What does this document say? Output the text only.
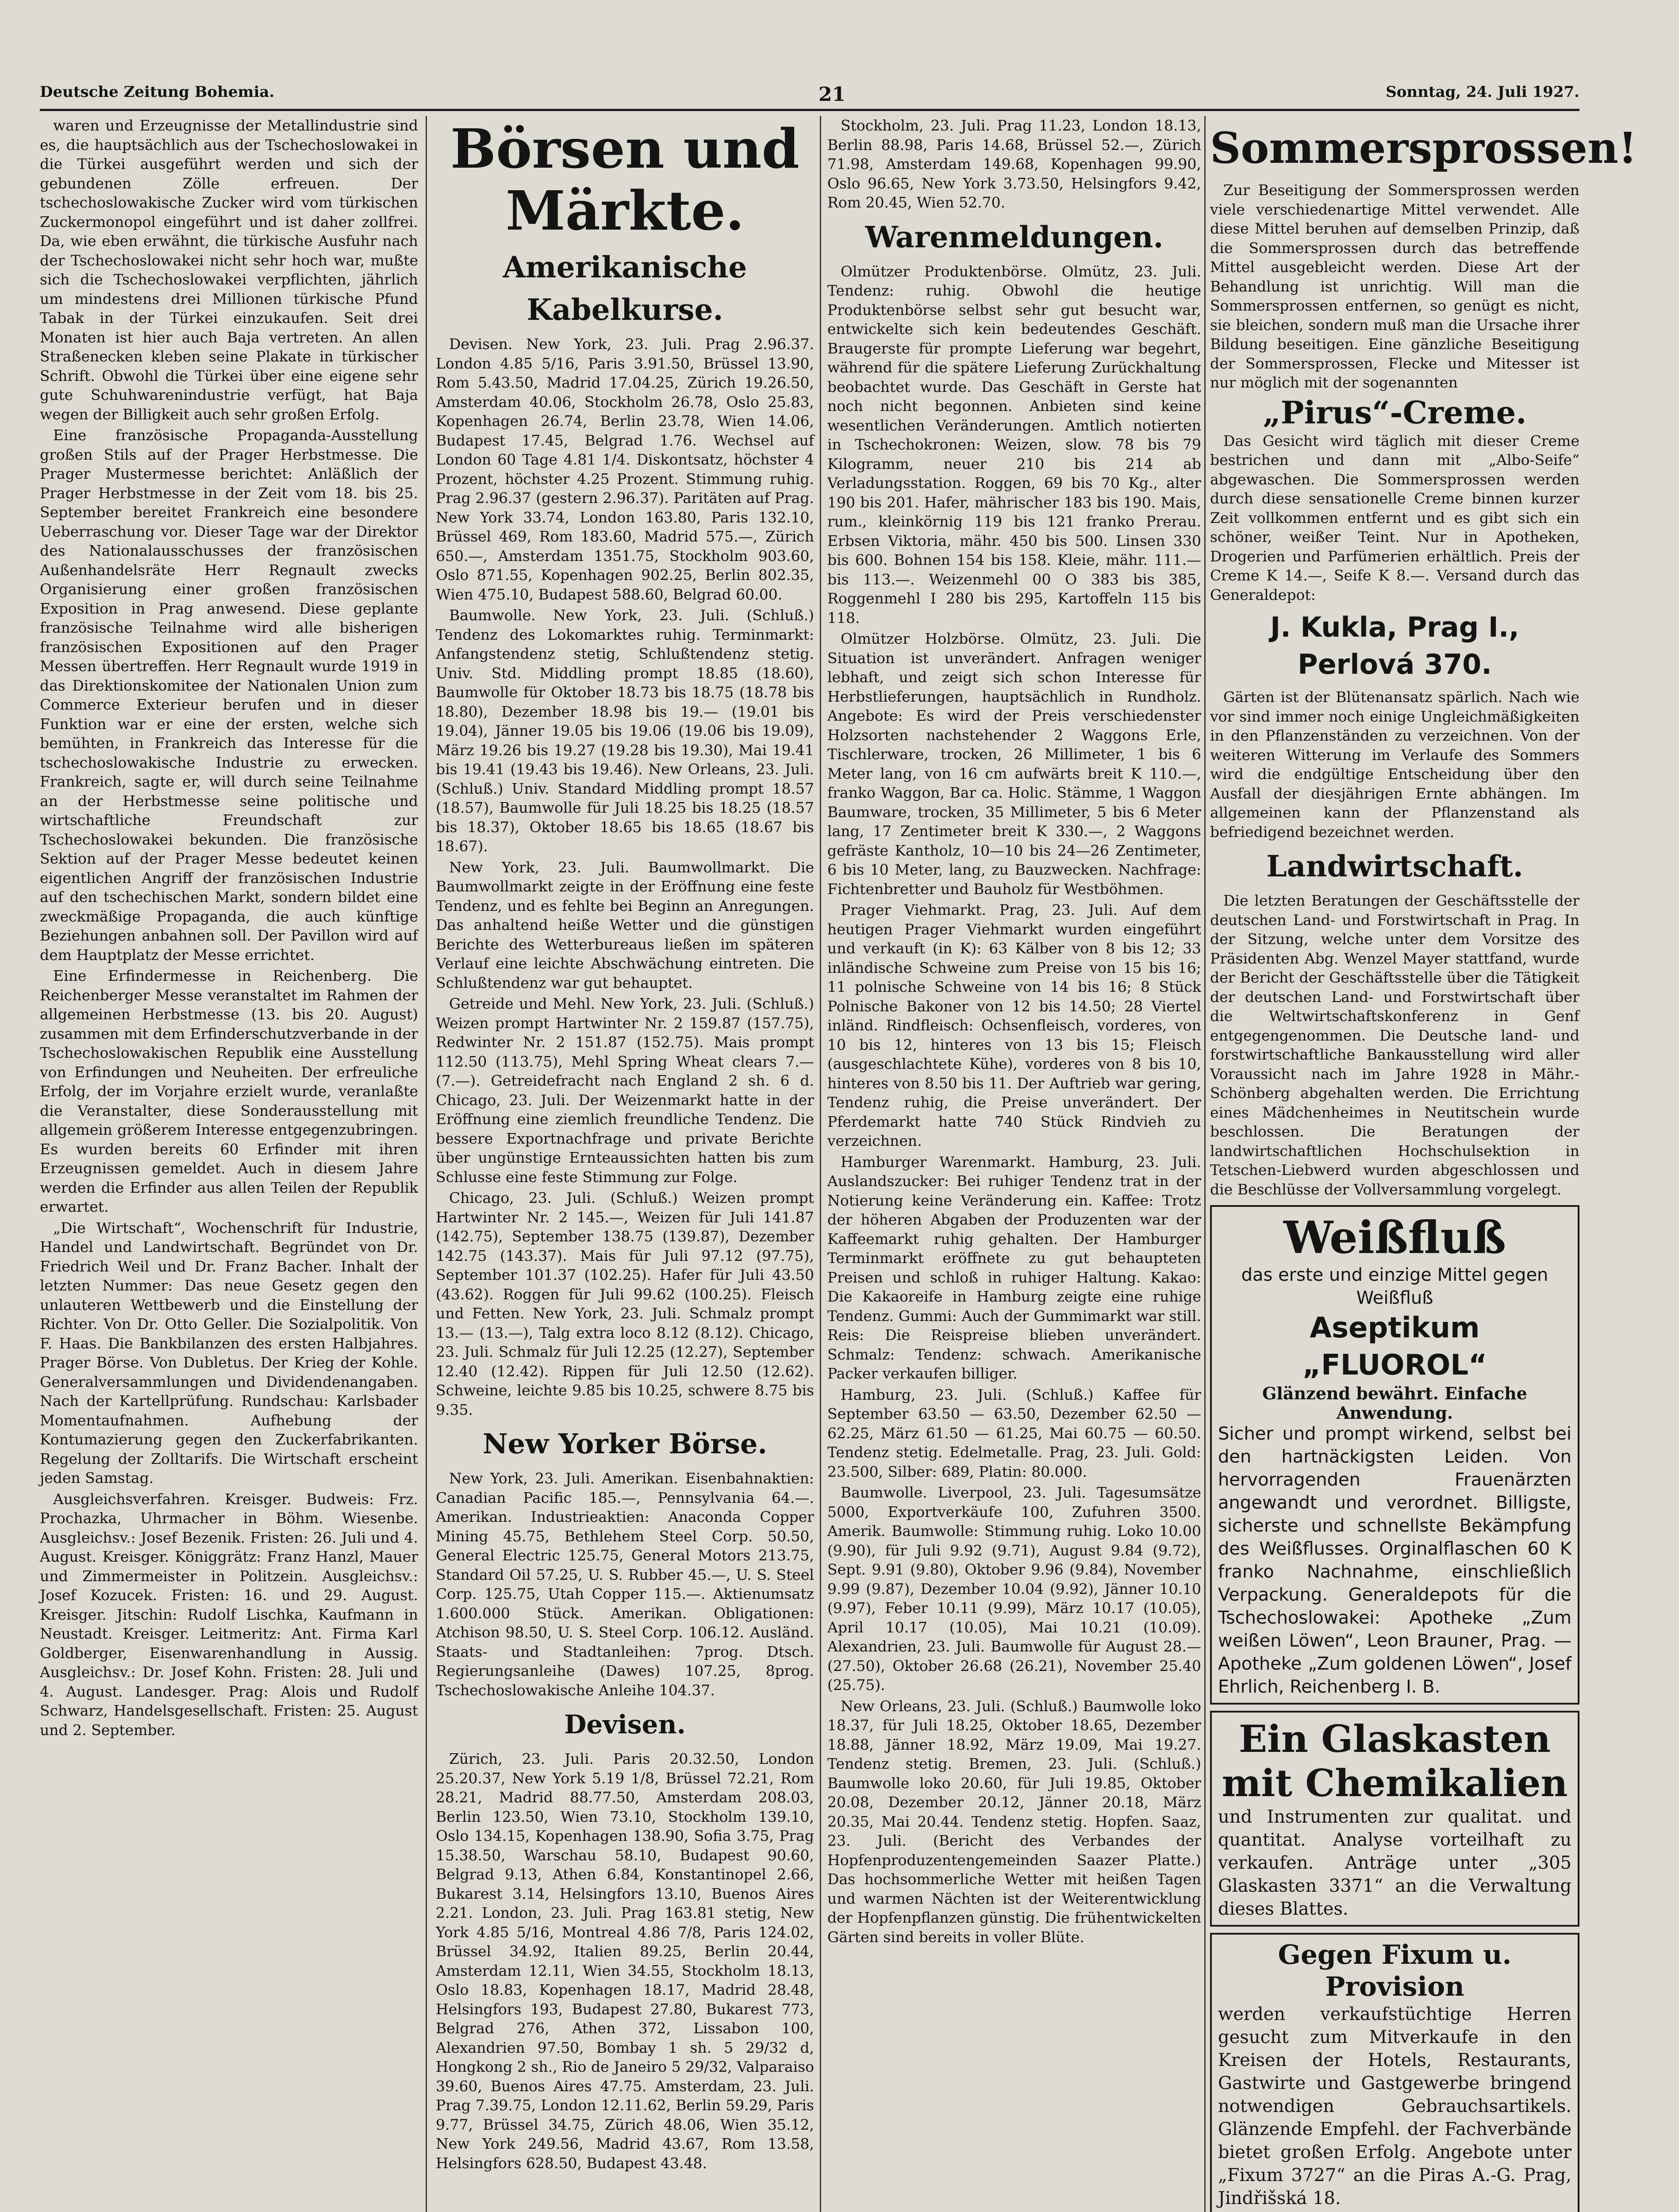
Deutsche Zeitung Bohemia.	21	Sonntag, 24. Juli 1927.

waren und Erzeugnisse der Metallindustrie sind es, die hauptsächlich aus der Tschechoslowakei in die Türkei ausgeführt werden und sich der gebundenen Zölle erfreuen. Der tschechoslowakische Zucker wird vom türkischen Zuckermonopol eingeführt und ist daher zollfrei. Da, wie eben erwähnt, die türkische Ausfuhr nach der Tschechoslowakei nicht sehr hoch war, mußte sich die Tschechoslowakei verpflichten, jährlich um mindestens drei Millionen türkische Pfund Tabak in der Türkei einzukaufen. Seit drei Monaten ist hier auch Baja vertreten. An allen Straßenecken kleben seine Plakate in türkischer Schrift. Obwohl die Türkei über eine eigene sehr gute Schuhwarenindustrie verfügt, hat Baja wegen der Billigkeit auch sehr großen Erfolg.

Eine französische Propaganda-Ausstellung großen Stils auf der Prager Herbstmesse. Die Prager Mustermesse berichtet: Anläßlich der Prager Herbstmesse in der Zeit vom 18. bis 25. September bereitet Frankreich eine besondere Ueberraschung vor. Dieser Tage war der Direktor des Nationalausschusses der französischen Außenhandelsräte Herr Regnault zwecks Organisierung einer großen französischen Exposition in Prag anwesend. Diese geplante französische Teilnahme wird alle bisherigen französischen Expositionen auf den Prager Messen übertreffen. Herr Regnault wurde 1919 in das Direktionskomitee der Nationalen Union zum Commerce Exterieur berufen und in dieser Funktion war er eine der ersten, welche sich bemühten, in Frankreich das Interesse für die tschechoslowakische Industrie zu erwecken. Frankreich, sagte er, will durch seine Teilnahme an der Herbstmesse seine politische und wirtschaftliche Freundschaft zur Tschechoslowakei bekunden. Die französische Sektion auf der Prager Messe bedeutet keinen eigentlichen Angriff der französischen Industrie auf den tschechischen Markt, sondern bildet eine zweckmäßige Propaganda, die auch künftige Beziehungen anbahnen soll. Der Pavillon wird auf dem Hauptplatz der Messe errichtet.

Eine Erfindermesse in Reichenberg. Die Reichenberger Messe veranstaltet im Rahmen der allgemeinen Herbstmesse (13. bis 20. August) zusammen mit dem Erfinderschutzverbande in der Tschechoslowakischen Republik eine Ausstellung von Erfindungen und Neuheiten. Der erfreuliche Erfolg, der im Vorjahre erzielt wurde, veranlaßte die Veranstalter, diese Sonderausstellung mit allgemein größerem Interesse entgegenzubringen. Es wurden bereits 60 Erfinder mit ihren Erzeugnissen gemeldet. Auch in diesem Jahre werden die Erfinder aus allen Teilen der Republik erwartet.

„Die Wirtschaft“, Wochenschrift für Industrie, Handel und Landwirtschaft. Begründet von Dr. Friedrich Weil und Dr. Franz Bacher. Inhalt der letzten Nummer: Das neue Gesetz gegen den unlauteren Wettbewerb und die Einstellung der Richter. Von Dr. Otto Geller. Die Sozialpolitik. Von F. Haas. Die Bankbilanzen des ersten Halbjahres. Prager Börse. Von Dubletus. Der Krieg der Kohle. Generalversammlungen und Dividendenangaben. Nach der Kartellprüfung. Rundschau: Karlsbader Momentaufnahmen. Aufhebung der Kontumazierung gegen den Zuckerfabrikanten. Regelung der Zolltarifs. Die Wirtschaft erscheint jeden Samstag.

Ausgleichsverfahren. Kreisger. Budweis: Frz. Prochazka, Uhrmacher in Böhm. Wiesenbe. Ausgleichsv.: Josef Bezenik. Fristen: 26. Juli und 4. August. Kreisger. Königgrätz: Franz Hanzl, Mauer und Zimmermeister in Politzein. Ausgleichsv.: Josef Kozucek. Fristen: 16. und 29. August. Kreisger. Jitschin: Rudolf Lischka, Kaufmann in Neustadt. Kreisger. Leitmeritz: Ant. Firma Karl Goldberger, Eisenwarenhandlung in Aussig. Ausgleichsv.: Dr. Josef Kohn. Fristen: 28. Juli und 4. August. Landesger. Prag: Alois und Rudolf Schwarz, Handelsgesellschaft. Fristen: 25. August und 2. September.

Börsen und Märkte.
Amerikanische Kabelkurse.

Devisen. New York, 23. Juli. Prag 2.96.37. London 4.85 5/16, Paris 3.91.50, Brüssel 13.90, Rom 5.43.50, Madrid 17.04.25, Zürich 19.26.50, Amsterdam 40.06, Stockholm 26.78, Oslo 25.83, Kopenhagen 26.74, Berlin 23.78, Wien 14.06, Budapest 17.45, Belgrad 1.76. Wechsel auf London 60 Tage 4.81 1/4. Diskontsatz, höchster 4 Prozent, höchster 4.25 Prozent. Stimmung ruhig. Prag 2.96.37 (gestern 2.96.37). Paritäten auf Prag. New York 33.74, London 163.80, Paris 132.10, Brüssel 469, Rom 183.60, Madrid 575.—, Zürich 650.—, Amsterdam 1351.75, Stockholm 903.60, Oslo 871.55, Kopenhagen 902.25, Berlin 802.35, Wien 475.10, Budapest 588.60, Belgrad 60.00.

Baumwolle. New York, 23. Juli. (Schluß.) Tendenz des Lokomarktes ruhig. Terminmarkt: Anfangstendenz stetig, Schlußtendenz stetig. Univ. Std. Middling prompt 18.85 (18.60), Baumwolle für Oktober 18.73 bis 18.75 (18.78 bis 18.80), Dezember 18.98 bis 19.— (19.01 bis 19.04), Jänner 19.05 bis 19.06 (19.06 bis 19.09), März 19.26 bis 19.27 (19.28 bis 19.30), Mai 19.41 bis 19.41 (19.43 bis 19.46). New Orleans, 23. Juli. (Schluß.) Univ. Standard Middling prompt 18.57 (18.57), Baumwolle für Juli 18.25 bis 18.25 (18.57 bis 18.37), Oktober 18.65 bis 18.65 (18.67 bis 18.67).

New York, 23. Juli. Baumwollmarkt. Die Baumwollmarkt zeigte in der Eröffnung eine feste Tendenz, und es fehlte bei Beginn an Anregungen. Das anhaltend heiße Wetter und die günstigen Berichte des Wetterbureaus ließen im späteren Verlauf eine leichte Abschwächung eintreten. Die Schlußtendenz war gut behauptet.

Getreide und Mehl. New York, 23. Juli. (Schluß.) Weizen prompt Hartwinter Nr. 2 159.87 (157.75), Redwinter Nr. 2 151.87 (152.75). Mais prompt 112.50 (113.75), Mehl Spring Wheat clears 7.— (7.—). Getreidefracht nach England 2 sh. 6 d. Chicago, 23. Juli. Der Weizenmarkt hatte in der Eröffnung eine ziemlich freundliche Tendenz. Die bessere Exportnachfrage und private Berichte über ungünstige Ernteaussichten hatten bis zum Schlusse eine feste Stimmung zur Folge.

Chicago, 23. Juli. (Schluß.) Weizen prompt Hartwinter Nr. 2 145.—, Weizen für Juli 141.87 (142.75), September 138.75 (139.87), Dezember 142.75 (143.37). Mais für Juli 97.12 (97.75), September 101.37 (102.25). Hafer für Juli 43.50 (43.62). Roggen für Juli 99.62 (100.25). Fleisch und Fetten. New York, 23. Juli. Schmalz prompt 13.— (13.—), Talg extra loco 8.12 (8.12). Chicago, 23. Juli. Schmalz für Juli 12.25 (12.27), September 12.40 (12.42). Rippen für Juli 12.50 (12.62). Schweine, leichte 9.85 bis 10.25, schwere 8.75 bis 9.35.

New Yorker Börse.

New York, 23. Juli. Amerikan. Eisenbahnaktien: Canadian Pacific 185.—, Pennsylvania 64.—. Amerikan. Industrieaktien: Anaconda Copper Mining 45.75, Bethlehem Steel Corp. 50.50, General Electric 125.75, General Motors 213.75, Standard Oil 57.25, U. S. Rubber 45.—, U. S. Steel Corp. 125.75, Utah Copper 115.—. Aktienumsatz 1.600.000 Stück. Amerikan. Obligationen: Atchison 98.50, U. S. Steel Corp. 106.12. Ausländ. Staats- und Stadtanleihen: 7prog. Dtsch. Regierungsanleihe (Dawes) 107.25, 8prog. Tschechoslowakische Anleihe 104.37.

Devisen.

Zürich, 23. Juli. Paris 20.32.50, London 25.20.37, New York 5.19 1/8, Brüssel 72.21, Rom 28.21, Madrid 88.77.50, Amsterdam 208.03, Berlin 123.50, Wien 73.10, Stockholm 139.10, Oslo 134.15, Kopenhagen 138.90, Sofia 3.75, Prag 15.38.50, Warschau 58.10, Budapest 90.60, Belgrad 9.13, Athen 6.84, Konstantinopel 2.66, Bukarest 3.14, Helsingfors 13.10, Buenos Aires 2.21. London, 23. Juli. Prag 163.81 stetig, New York 4.85 5/16, Montreal 4.86 7/8, Paris 124.02, Brüssel 34.92, Italien 89.25, Berlin 20.44, Amsterdam 12.11, Wien 34.55, Stockholm 18.13, Oslo 18.83, Kopenhagen 18.17, Madrid 28.48, Helsingfors 193, Budapest 27.80, Bukarest 773, Belgrad 276, Athen 372, Lissabon 100, Alexandrien 97.50, Bombay 1 sh. 5 29/32 d, Hongkong 2 sh., Rio de Janeiro 5 29/32, Valparaiso 39.60, Buenos Aires 47.75. Amsterdam, 23. Juli. Prag 7.39.75, London 12.11.62, Berlin 59.29, Paris 9.77, Brüssel 34.75, Zürich 48.06, Wien 35.12, New York 249.56, Madrid 43.67, Rom 13.58, Helsingfors 628.50, Budapest 43.48.

Stockholm, 23. Juli. Prag 11.23, London 18.13, Berlin 88.98, Paris 14.68, Brüssel 52.—, Zürich 71.98, Amsterdam 149.68, Kopenhagen 99.90, Oslo 96.65, New York 3.73.50, Helsingfors 9.42, Rom 20.45, Wien 52.70.

Warenmeldungen.

Olmützer Produktenbörse. Olmütz, 23. Juli. Tendenz: ruhig. Obwohl die heutige Produktenbörse selbst sehr gut besucht war, entwickelte sich kein bedeutendes Geschäft. Braugerste für prompte Lieferung war begehrt, während für die spätere Lieferung Zurückhaltung beobachtet wurde. Das Geschäft in Gerste hat noch nicht begonnen. Anbieten sind keine wesentlichen Veränderungen. Amtlich notierten in Tschechokronen: Weizen, slow. 78 bis 79 Kilogramm, neuer 210 bis 214 ab Verladungsstation. Roggen, 69 bis 70 Kg., alter 190 bis 201. Hafer, mährischer 183 bis 190. Mais, rum., kleinkörnig 119 bis 121 franko Prerau. Erbsen Viktoria, mähr. 450 bis 500. Linsen 330 bis 600. Bohnen 154 bis 158. Kleie, mähr. 111.— bis 113.—. Weizenmehl 00 O 383 bis 385, Roggenmehl I 280 bis 295, Kartoffeln 115 bis 118.

Olmützer Holzbörse. Olmütz, 23. Juli. Die Situation ist unverändert. Anfragen weniger lebhaft, und zeigt sich schon Interesse für Herbstlieferungen, hauptsächlich in Rundholz. Angebote: Es wird der Preis verschiedenster Holzsorten nachstehender 2 Waggons Erle, Tischlerware, trocken, 26 Millimeter, 1 bis 6 Meter lang, von 16 cm aufwärts breit K 110.—, franko Waggon, Bar ca. Holic. Stämme, 1 Waggon Baumware, trocken, 35 Millimeter, 5 bis 6 Meter lang, 17 Zentimeter breit K 330.—, 2 Waggons gefräste Kantholz, 10—10 bis 24—26 Zentimeter, 6 bis 10 Meter, lang, zu Bauzwecken. Nachfrage: Fichtenbretter und Bauholz für Westböhmen.

Prager Viehmarkt. Prag, 23. Juli. Auf dem heutigen Prager Viehmarkt wurden eingeführt und verkauft (in K): 63 Kälber von 8 bis 12; 33 inländische Schweine zum Preise von 15 bis 16; 11 polnische Schweine von 14 bis 16; 8 Stück Polnische Bakoner von 12 bis 14.50; 28 Viertel inländ. Rindfleisch: Ochsenfleisch, vorderes, von 10 bis 12, hinteres von 13 bis 15; Fleisch (ausgeschlachtete Kühe), vorderes von 8 bis 10, hinteres von 8.50 bis 11. Der Auftrieb war gering, Tendenz ruhig, die Preise unverändert. Der Pferdemarkt hatte 740 Stück Rindvieh zu verzeichnen.

Hamburger Warenmarkt. Hamburg, 23. Juli. Auslandszucker: Bei ruhiger Tendenz trat in der Notierung keine Veränderung ein. Kaffee: Trotz der höheren Abgaben der Produzenten war der Kaffeemarkt ruhig gehalten. Der Hamburger Terminmarkt eröffnete zu gut behaupteten Preisen und schloß in ruhiger Haltung. Kakao: Die Kakaoreife in Hamburg zeigte eine ruhige Tendenz. Gummi: Auch der Gummimarkt war still. Reis: Die Reispreise blieben unverändert. Schmalz: Tendenz: schwach. Amerikanische Packer verkaufen billiger.

Hamburg, 23. Juli. (Schluß.) Kaffee für September 63.50 — 63.50, Dezember 62.50 — 62.25, März 61.50 — 61.25, Mai 60.75 — 60.50. Tendenz stetig. Edelmetalle. Prag, 23. Juli. Gold: 23.500, Silber: 689, Platin: 80.000.

Baumwolle. Liverpool, 23. Juli. Tagesumsätze 5000, Exportverkäufe 100, Zufuhren 3500. Amerik. Baumwolle: Stimmung ruhig. Loko 10.00 (9.90), für Juli 9.92 (9.71), August 9.84 (9.72), Sept. 9.91 (9.80), Oktober 9.96 (9.84), November 9.99 (9.87), Dezember 10.04 (9.92), Jänner 10.10 (9.97), Feber 10.11 (9.99), März 10.17 (10.05), April 10.17 (10.05), Mai 10.21 (10.09). Alexandrien, 23. Juli. Baumwolle für August 28.— (27.50), Oktober 26.68 (26.21), November 25.40 (25.75).

New Orleans, 23. Juli. (Schluß.) Baumwolle loko 18.37, für Juli 18.25, Oktober 18.65, Dezember 18.88, Jänner 18.92, März 19.09, Mai 19.27. Tendenz stetig. Bremen, 23. Juli. (Schluß.) Baumwolle loko 20.60, für Juli 19.85, Oktober 20.08, Dezember 20.12, Jänner 20.18, März 20.35, Mai 20.44. Tendenz stetig. Hopfen. Saaz, 23. Juli. (Bericht des Verbandes der Hopfenproduzentengemeinden Saazer Platte.) Das hochsommerliche Wetter mit heißen Tagen und warmen Nächten ist der Weiterentwicklung der Hopfenpflanzen günstig. Die frühentwickelten Gärten sind bereits in voller Blüte.

Sommersprossen!

Zur Beseitigung der Sommersprossen werden viele verschiedenartige Mittel verwendet. Alle diese Mittel beruhen auf demselben Prinzip, daß die Sommersprossen durch das betreffende Mittel ausgebleicht werden. Diese Art der Behandlung ist unrichtig. Will man die Sommersprossen entfernen, so genügt es nicht, sie bleichen, sondern muß man die Ursache ihrer Bildung beseitigen. Eine gänzliche Beseitigung der Sommersprossen, Flecke und Mitesser ist nur möglich mit der sogenannten

„Pirus“-Creme.

Das Gesicht wird täglich mit dieser Creme bestrichen und dann mit „Albo-Seife“ abgewaschen. Die Sommersprossen werden durch diese sensationelle Creme binnen kurzer Zeit vollkommen entfernt und es gibt sich ein schöner, weißer Teint. Nur in Apotheken, Drogerien und Parfümerien erhältlich. Preis der Creme K 14.—, Seife K 8.—. Versand durch das Generaldepot:

J. Kukla, Prag I., Perlová 370.

Gärten ist der Blütenansatz spärlich. Nach wie vor sind immer noch einige Ungleichmäßigkeiten in den Pflanzenständen zu verzeichnen. Von der weiteren Witterung im Verlaufe des Sommers wird die endgültige Entscheidung über den Ausfall der diesjährigen Ernte abhängen. Im allgemeinen kann der Pflanzenstand als befriedigend bezeichnet werden.

Landwirtschaft.

Die letzten Beratungen der Geschäftsstelle der deutschen Land- und Forstwirtschaft in Prag. In der Sitzung, welche unter dem Vorsitze des Präsidenten Abg. Wenzel Mayer stattfand, wurde der Bericht der Geschäftsstelle über die Tätigkeit der deutschen Land- und Forstwirtschaft über die Weltwirtschaftskonferenz in Genf entgegengenommen. Die Deutsche land- und forstwirtschaftliche Bankausstellung wird aller Voraussicht nach im Jahre 1928 in Mähr.-Schönberg abgehalten werden. Die Errichtung eines Mädchenheimes in Neutitschein wurde beschlossen. Die Beratungen der landwirtschaftlichen Hochschulsektion in Tetschen-Liebwerd wurden abgeschlossen und die Beschlüsse der Vollversammlung vorgelegt.

Weißfluß
das erste und einzige Mittel gegen Weißfluß
Aseptikum „FLUOROL“
Glänzend bewährt. Einfache Anwendung.
Sicher und prompt wirkend, selbst bei den hartnäckigsten Leiden. Von hervorragenden Frauenärzten angewandt und verordnet. Billigste, sicherste und schnellste Bekämpfung des Weißflusses. Orginalflaschen 60 K franko Nachnahme, einschließlich Verpackung. Generaldepots für die Tschechoslowakei: Apotheke „Zum weißen Löwen“, Leon Brauner, Prag. — Apotheke „Zum goldenen Löwen“, Josef Ehrlich, Reichenberg I. B.
Ein Glaskasten mit Chemikalien
und Instrumenten zur qualitat. und quantitat. Analyse vorteilhaft zu verkaufen. Anträge unter „305 Glaskasten 3371“ an die Verwaltung dieses Blattes.
Gegen Fixum u. Provision
werden verkaufstüchtige Herren gesucht zum Mitverkaufe in den Kreisen der Hotels, Restaurants, Gastwirte und Gastgewerbe bringend notwendigen Gebrauchsartikels. Glänzende Empfehl. der Fachverbände bietet großen Erfolg. Angebote unter „Fixum 3727“ an die Piras A.-G. Prag, Jindřišská 18.
